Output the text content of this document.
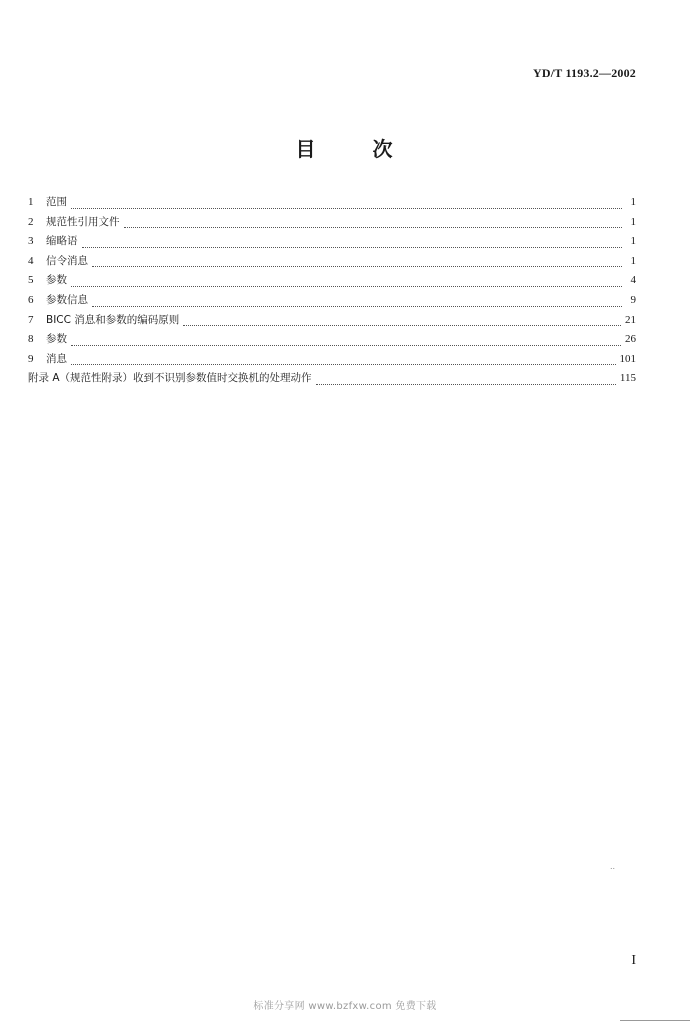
YD/T 1193.2—2002
目	次
1	范围	1
2	规范性引用文件	1
3	缩略语	1
4	信令消息	1
5	参数	4
6	参数信息	9
7	BICC 消息和参数的编码原则	21
8	参数	26
9	消息	101
附录 A（规范性附录）收到不识别参数值时交换机的处理动作	115
..
I
标准分享网 www.bzfxw.com 免费下载
